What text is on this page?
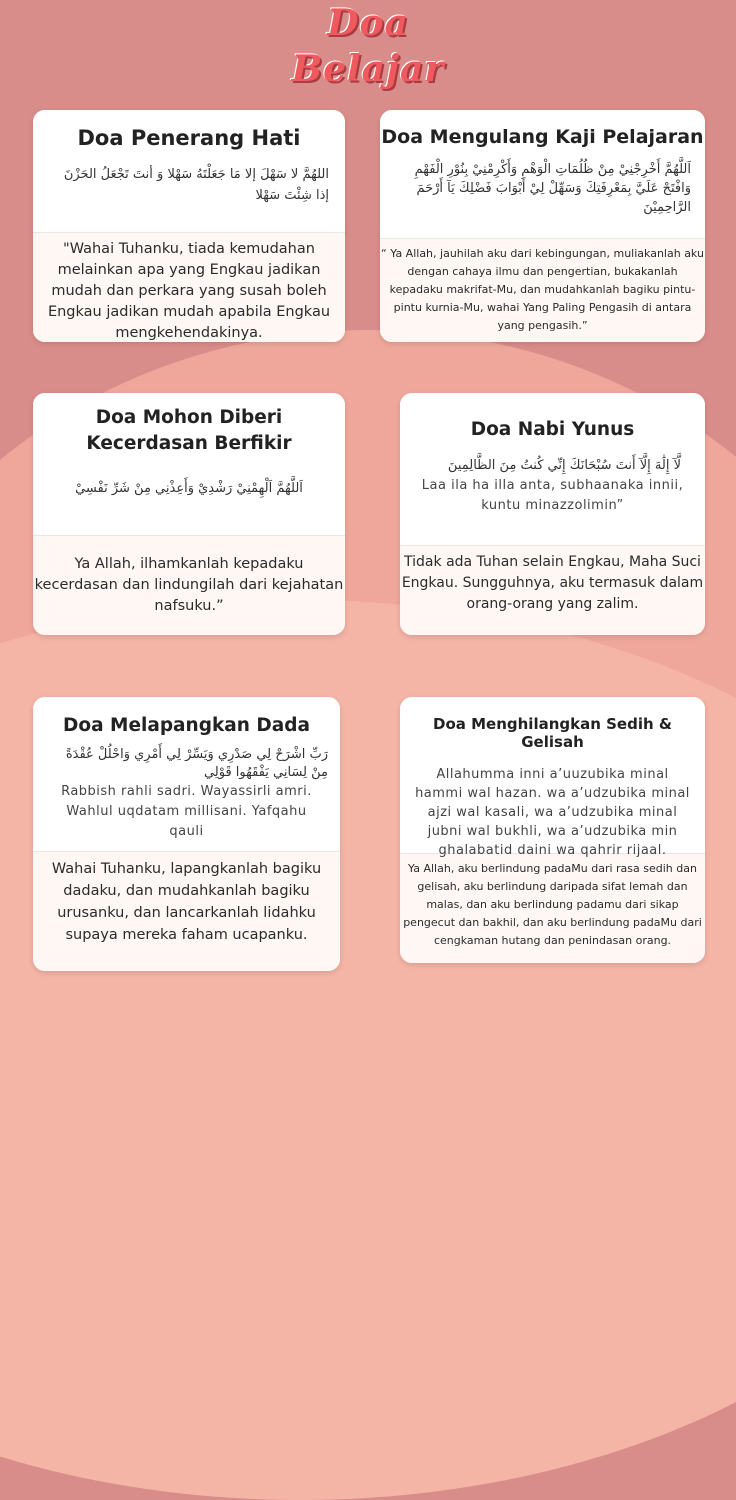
Doa
Belajar
Doa Penerang Hati
اللهُمَّ لا سَهْلَ إلا مَا جَعَلْتَهُ سَهْلا وَ أنتَ تَجْعَلُ الحَزْنَ إذا شِئْتَ سَهْلا
"Wahai Tuhanku, tiada kemudahan melainkan apa yang Engkau jadikan mudah dan perkara yang susah boleh Engkau jadikan mudah apabila Engkau mengkehendakinya.
Doa Mengulang Kaji Pelajaran
اَللَّهُمَّ أَخْرِجْنِيْ مِنْ ظُلُمَاتِ الْوَهْمِ وَأَكْرِمْنِيْ بِنُوْرِ الْفَهْمِ وَافْتَحْ عَلَيَّ بِمَعْرِفَتِكَ وَسَهِّلْ لِيْ أَبْوَابَ فَضْلِكَ يَآ أَرْحَمَ الرَّاحِمِيْنَ
“ Ya Allah, jauhilah aku dari kebingungan, muliakanlah aku dengan cahaya ilmu dan pengertian, bukakanlah kepadaku makrifat-Mu, dan mudahkanlah bagiku pintu-pintu kurnia-Mu, wahai Yang Paling Pengasih di antara yang pengasih.”
Doa Mohon Diberi
Kecerdasan Berfikir
اَللَّهُمَّ اَلْهِمْنِيْ رَشْدِيْ وَأَعِذْنِي مِنْ شَرِّ نَفْسِيْ
Ya Allah, ilhamkanlah kepadaku kecerdasan dan lindungilah dari kejahatan nafsuku.”
Doa Nabi Yunus
لَّآ إِلَٰهَ إِلَّآ أَنتَ سُبْحَانَكَ إِنِّي كُنتُ مِنَ الظَّالِمِينَ
Laa ila ha illa anta, subhaanaka innii, kuntu minazzolimin”
Tidak ada Tuhan selain Engkau, Maha Suci Engkau. Sungguhnya, aku termasuk dalam orang-orang yang zalim.
Doa Melapangkan Dada
رَبِّ اشْرَحْ لِي صَدْرِي وَيَسِّرْ لِي أَمْرِي وَاحْلُلْ عُقْدَةً مِنْ لِسَانِي يَفْقَهُوا قَوْلِي
Rabbish rahli sadri. Wayassirli amri. Wahlul uqdatam millisani. Yafqahu qauli
Wahai Tuhanku, lapangkanlah bagiku dadaku, dan mudahkanlah bagiku urusanku, dan lancarkanlah lidahku supaya mereka faham ucapanku.
Doa Menghilangkan Sedih & Gelisah
Allahumma inni a’uuzubika minal hammi wal hazan. wa a’udzubika minal ajzi wal kasali, wa a’udzubika minal jubni wal bukhli, wa a’udzubika min ghalabatid daini wa qahrir rijaal.
Ya Allah, aku berlindung padaMu dari rasa sedih dan gelisah, aku berlindung daripada sifat lemah dan malas, dan aku berlindung padamu dari sikap pengecut dan bakhil, dan aku berlindung padaMu dari cengkaman hutang dan penindasan orang.
